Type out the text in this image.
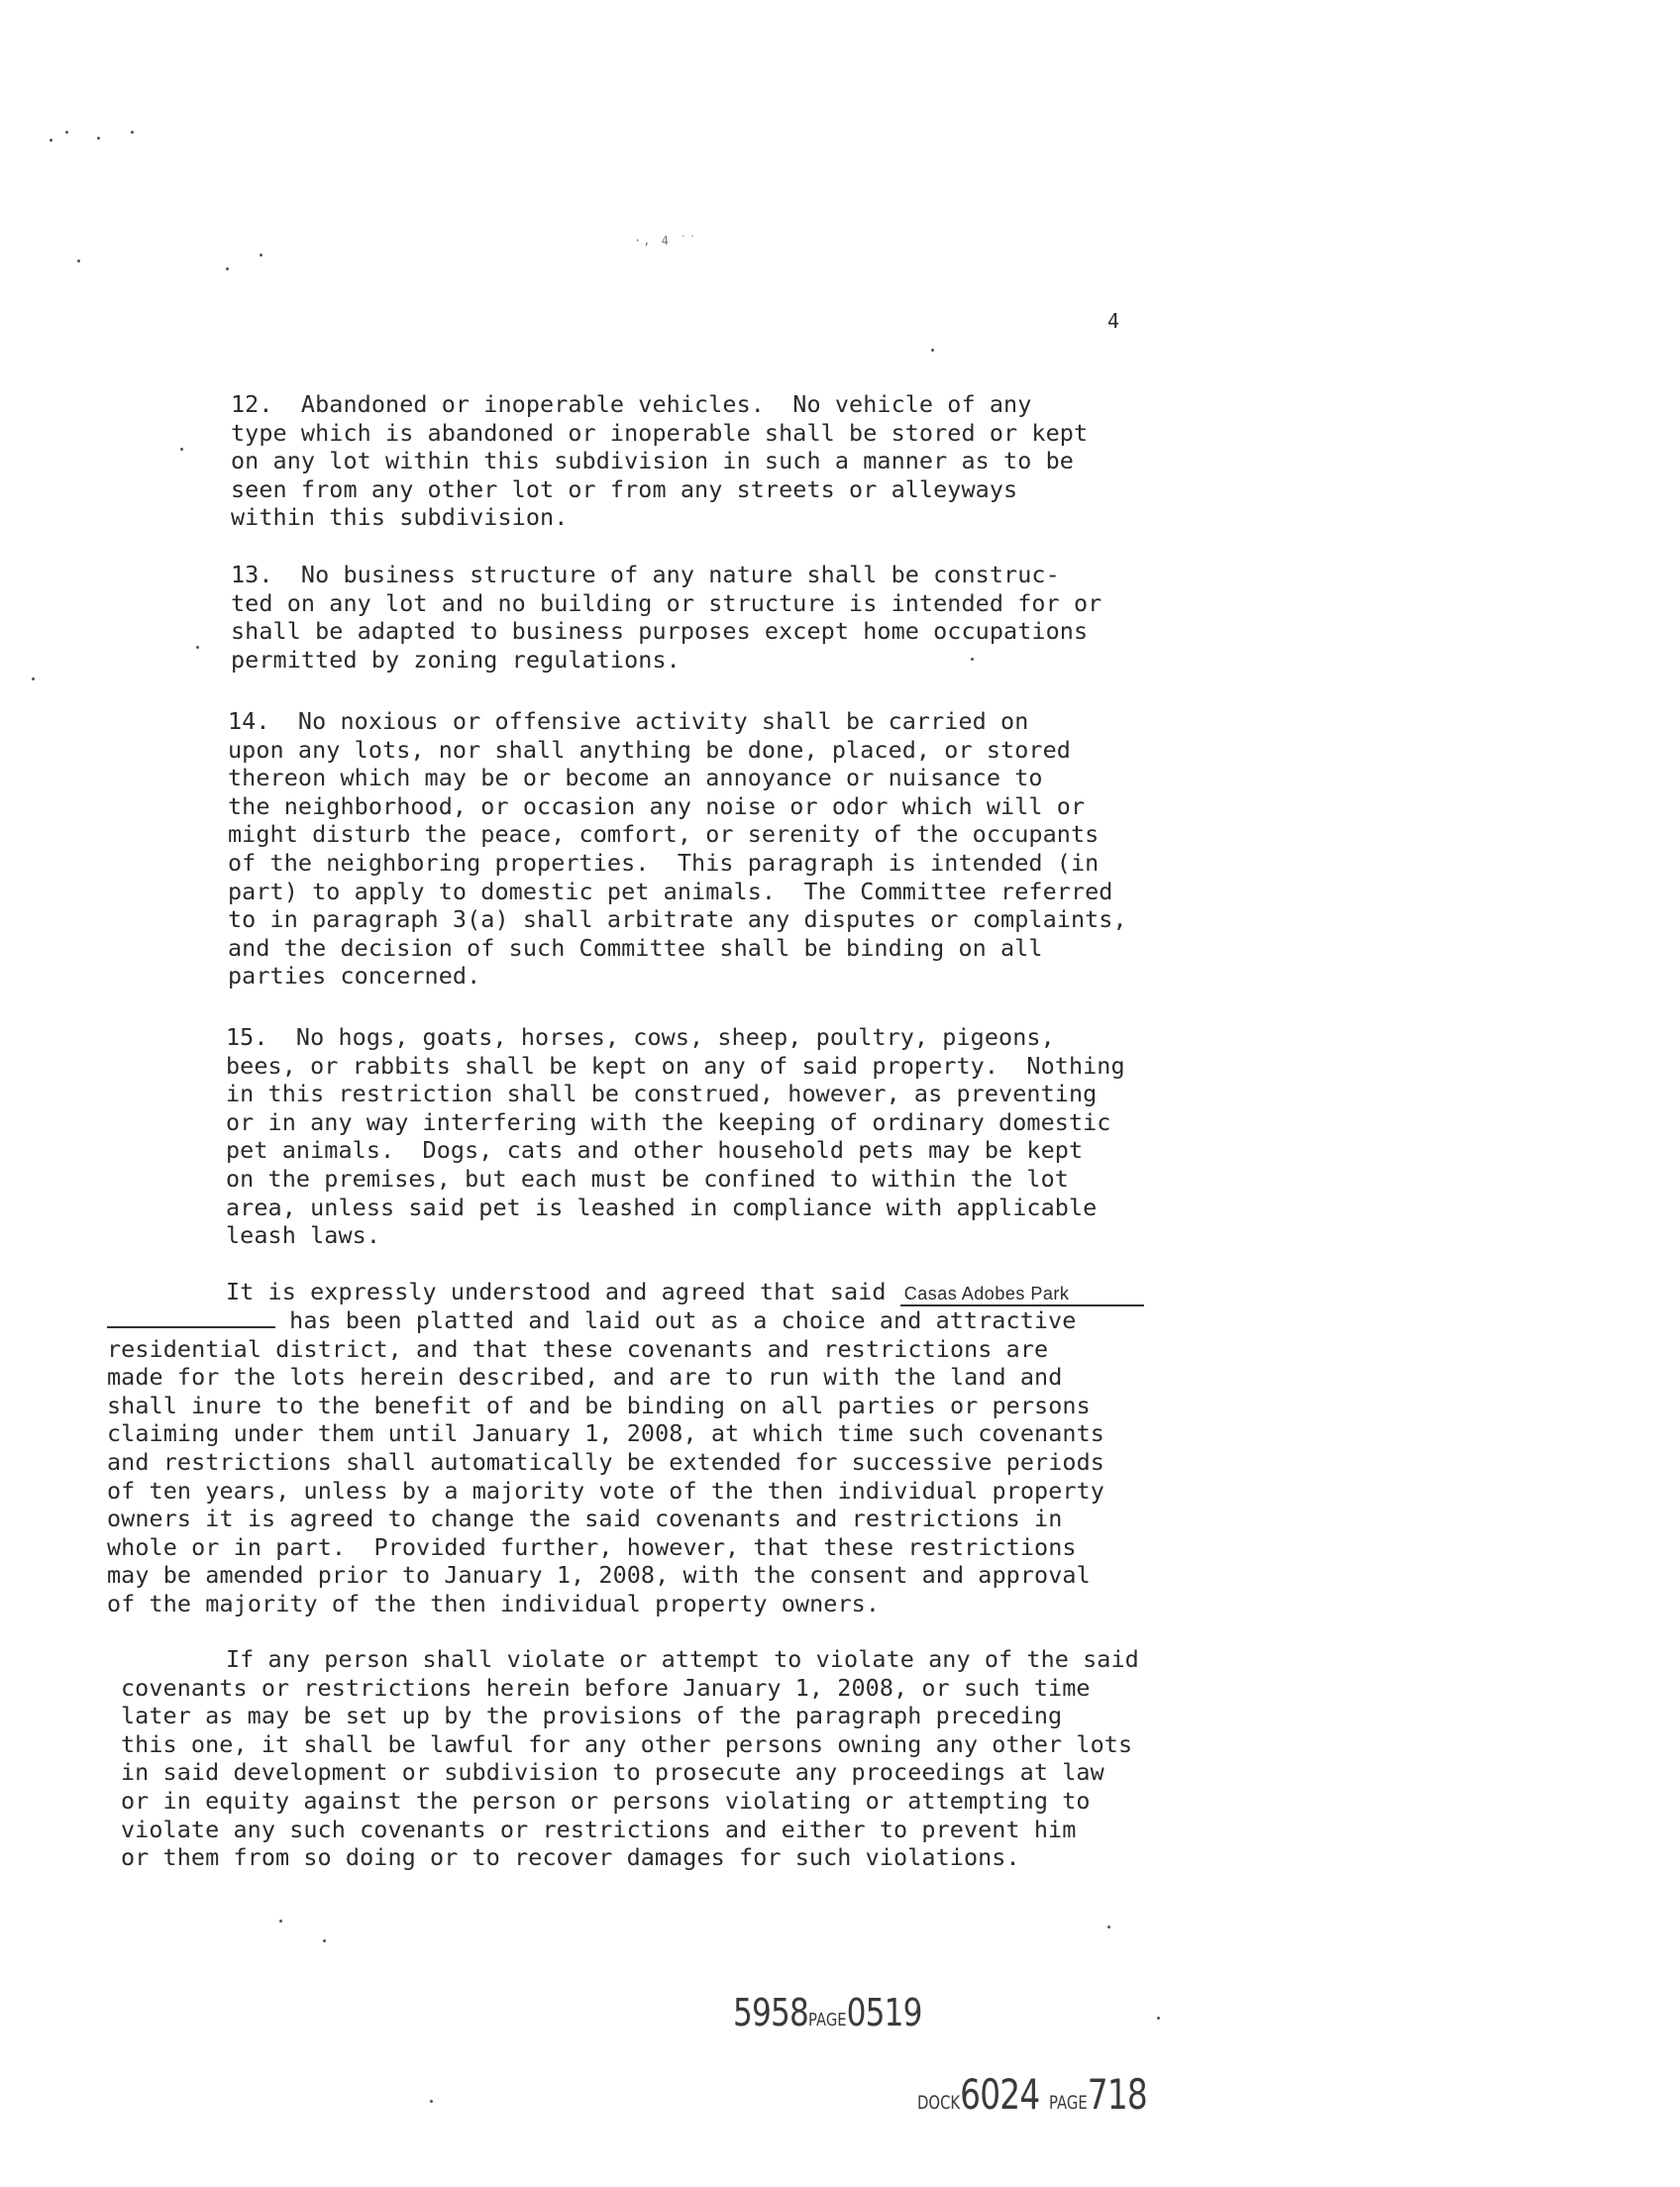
·, 4 ˙˙
4

12.  Abandoned or inoperable vehicles.  No vehicle of any
type which is abandoned or inoperable shall be stored or kept
on any lot within this subdivision in such a manner as to be
seen from any other lot or from any streets or alleyways
within this subdivision.

13.  No business structure of any nature shall be construc-
ted on any lot and no building or structure is intended for or
shall be adapted to business purposes except home occupations
permitted by zoning regulations.

14.  No noxious or offensive activity shall be carried on
upon any lots, nor shall anything be done, placed, or stored
thereon which may be or become an annoyance or nuisance to
the neighborhood, or occasion any noise or odor which will or
might disturb the peace, comfort, or serenity of the occupants
of the neighboring properties.  This paragraph is intended (in
part) to apply to domestic pet animals.  The Committee referred
to in paragraph 3(a) shall arbitrate any disputes or complaints,
and the decision of such Committee shall be binding on all
parties concerned.

15.  No hogs, goats, horses, cows, sheep, poultry, pigeons,
bees, or rabbits shall be kept on any of said property.  Nothing
in this restriction shall be construed, however, as preventing
or in any way interfering with the keeping of ordinary domestic
pet animals.  Dogs, cats and other household pets may be kept
on the premises, but each must be confined to within the lot
area, unless said pet is leashed in compliance with applicable
leash laws.

It is expressly understood and agreed that said Casas Adobes Park
has been platted and laid out as a choice and attractive
residential district, and that these covenants and restrictions are
made for the lots herein described, and are to run with the land and
shall inure to the benefit of and be binding on all parties or persons
claiming under them until January 1, 2008, at which time such covenants
and restrictions shall automatically be extended for successive periods
of ten years, unless by a majority vote of the then individual property
owners it is agreed to change the said covenants and restrictions in
whole or in part.  Provided further, however, that these restrictions
may be amended prior to January 1, 2008, with the consent and approval
of the majority of the then individual property owners.

If any person shall violate or attempt to violate any of the said
covenants or restrictions herein before January 1, 2008, or such time
later as may be set up by the provisions of the paragraph preceding
this one, it shall be lawful for any other persons owning any other lots
in said development or subdivision to prosecute any proceedings at law
or in equity against the person or persons violating or attempting to
violate any such covenants or restrictions and either to prevent him
or them from so doing or to recover damages for such violations.

5958PAGE0519
DOCK6024 PAGE718
